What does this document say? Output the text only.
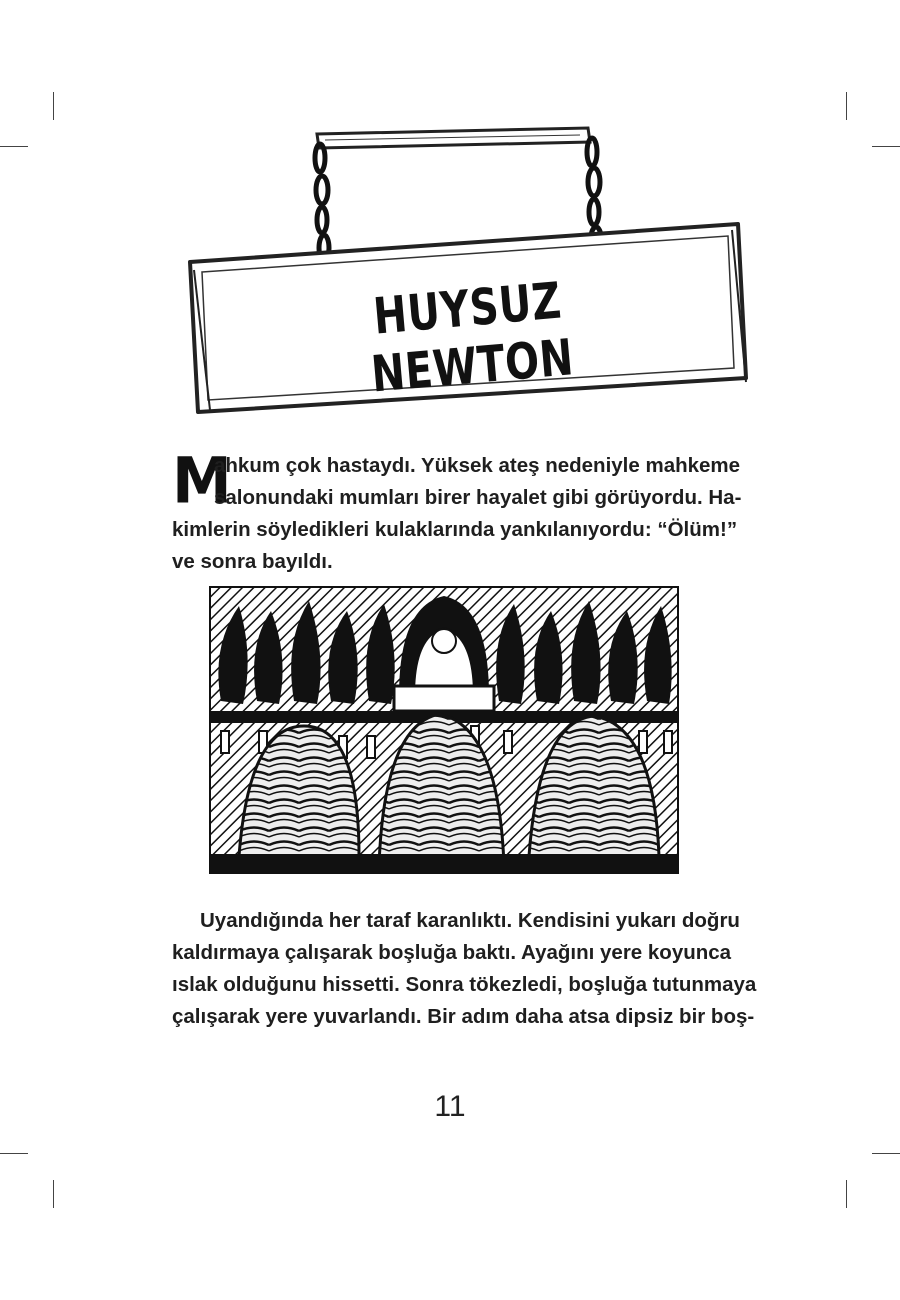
HUYSUZ NEWTON
M
ahkum çok hastaydı. Yüksek ateş nedeniyle mahkeme
salonundaki mumları birer hayalet gibi görüyordu. Ha-
kimlerin söyledikleri kulaklarında yankılanıyordu: “Ölüm!”
ve sonra bayıldı.
Uyandığında her taraf karanlıktı. Kendisini yukarı doğru
kaldırmaya çalışarak boşluğa baktı. Ayağını yere koyunca
ıslak olduğunu hissetti. Sonra tökezledi, boşluğa tutunmaya
çalışarak yere yuvarlandı. Bir adım daha atsa dipsiz bir boş-
11
